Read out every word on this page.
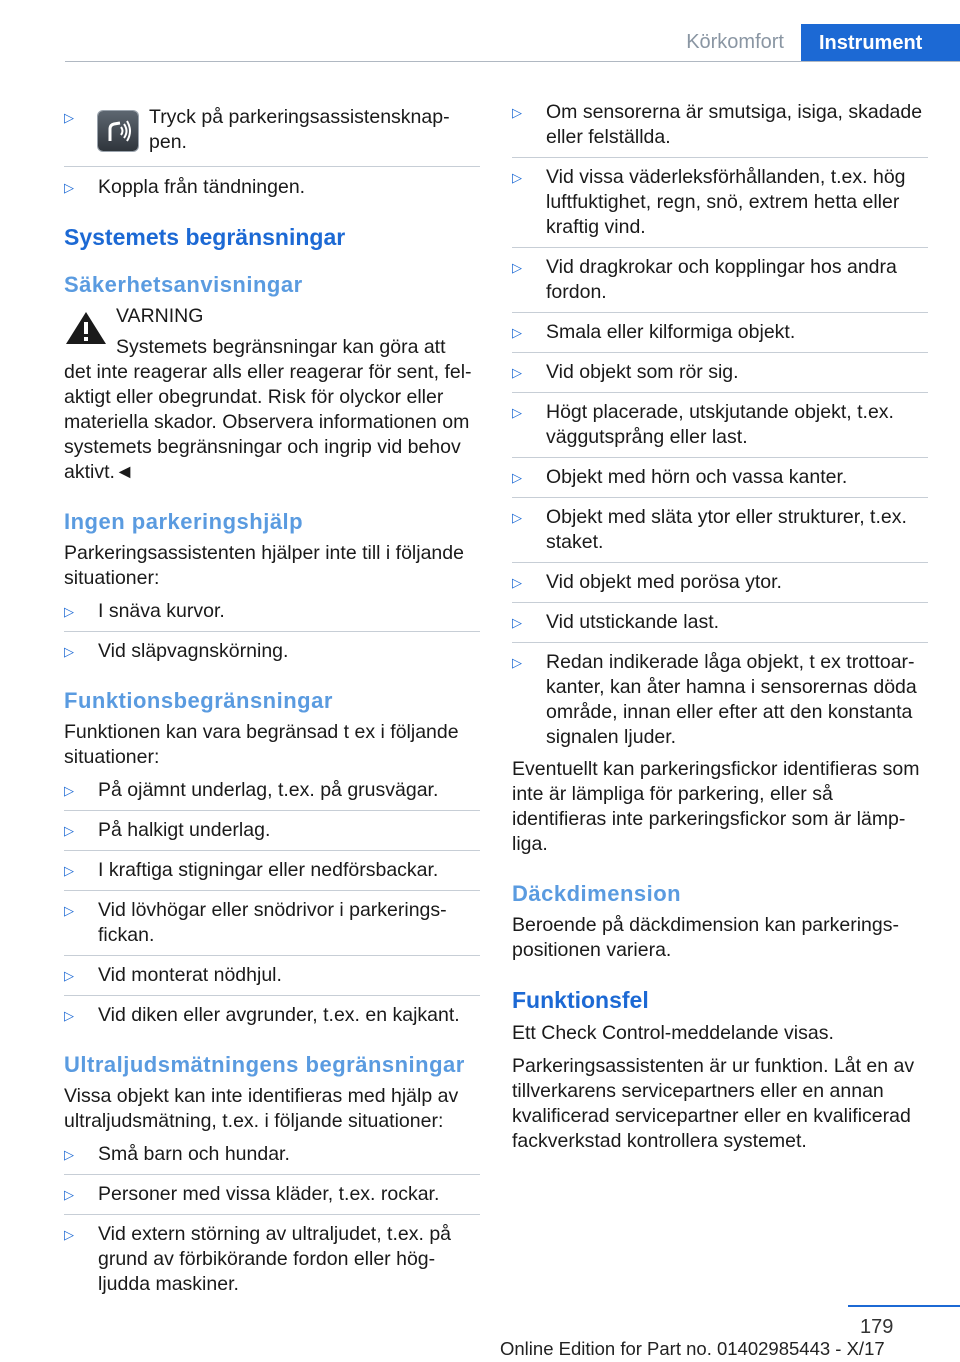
Körkomfort	Instrument
▷	Tryck på parkeringsassistensknap-pen.
▷ Koppla från tändningen.
Systemets begränsningar
Säkerhetsanvisningar
VARNING
Systemets begränsningar kan göra att
det inte reagerar alls eller reagerar för sent, fel-aktigt eller obegrundat. Risk för olyckor eller materiella skador. Observera informationen om systemets begränsningar och ingrip vid behov aktivt.◄
Ingen parkeringshjälp

Parkeringsassistenten hjälper inte till i följande situationer:

▷ I snäva kurvor.
▷ Vid släpvagnskörning.
Funktionsbegränsningar

Funktionen kan vara begränsad t ex i följande situationer:

▷ På ojämnt underlag, t.ex. på grusvägar.
▷ På halkigt underlag.
▷ I kraftiga stigningar eller nedförsbackar.
▷ Vid lövhögar eller snödrivor i parkerings-fickan.
▷ Vid monterat nödhjul.
▷ Vid diken eller avgrunder, t.ex. en kajkant.
Ultraljudsmätningens begränsningar

Vissa objekt kan inte identifieras med hjälp av ultraljudsmätning, t.ex. i följande situationer:

▷ Små barn och hundar.
▷ Personer med vissa kläder, t.ex. rockar.
▷ Vid extern störning av ultraljudet, t.ex. på grund av förbikörande fordon eller hög-ljudda maskiner.
▷ Om sensorerna är smutsiga, isiga, skadade eller felställda.
▷ Vid vissa väderleksförhållanden, t.ex. hög luftfuktighet, regn, snö, extrem hetta eller kraftig vind.
▷ Vid dragkrokar och kopplingar hos andra fordon.
▷ Smala eller kilformiga objekt.
▷ Vid objekt som rör sig.
▷ Högt placerade, utskjutande objekt, t.ex. väggutsprång eller last.
▷ Objekt med hörn och vassa kanter.
▷ Objekt med släta ytor eller strukturer, t.ex. staket.
▷ Vid objekt med porösa ytor.
▷ Vid utstickande last.
▷ Redan indikerade låga objekt, t ex trottoar-kanter, kan åter hamna i sensorernas döda område, innan eller efter att den konstanta signalen ljuder.

Eventuellt kan parkeringsfickor identifieras som inte är lämpliga för parkering, eller så identifieras inte parkeringsfickor som är lämp-liga.

Däckdimension

Beroende på däckdimension kan parkerings-positionen variera.

Funktionsfel

Ett Check Control-meddelande visas.

Parkeringsassistenten är ur funktion. Låt en av tillverkarens servicepartners eller en annan kvalificerad servicepartner eller en kvalificerad fackverkstad kontrollera systemet.

179
Online Edition for Part no. 01402985443 - X/17
